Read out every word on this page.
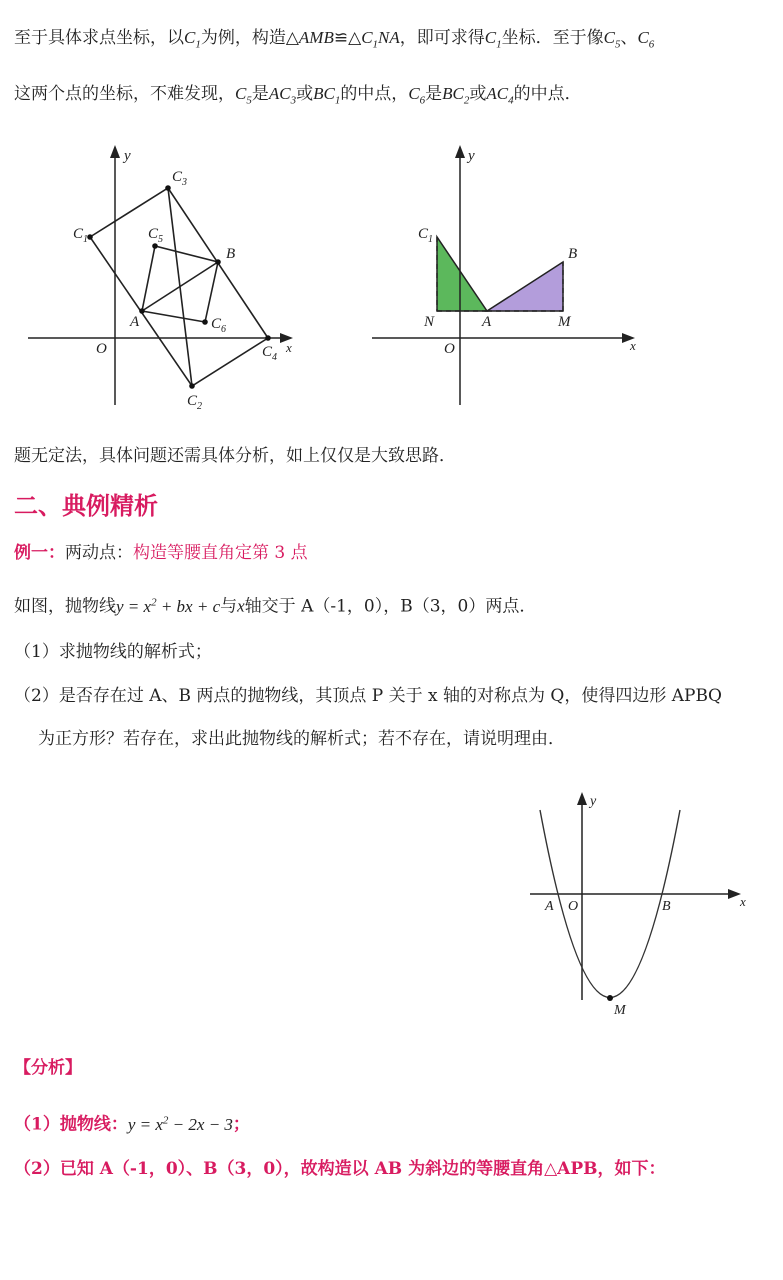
至于具体求点坐标，以$C_1$为例，构造$\triangle AMB≌\triangle C_1NA$，即可求得$C_1$坐标．至于像$C_5$、$C_6$
这两个点的坐标，不难发现，$C_5$是$AC_3$或$BC_1$的中点，$C_6$是$BC_2$或$AC_4$的中点．
y
x
O
$C_1$
$C_3$
$C_5$
B
A	$C_6$
$C_4$
$C_2$
y
x
O
$C_1$
N	A	M
B
题无定法，具体问题还需具体分析，如上仅仅是大致思路．
二、典例精析
例一：两动点：构造等腰直角定第 3 点
如图，抛物线$y = x^2$ + bx + c与x轴交于 A（-1，0），B（3，0）两点．
（1）求抛物线的解析式；
（2）是否存在过 A、B 两点的抛物线，其顶点 P 关于 x 轴的对称点为 Q，使得四边形 APBQ
为正方形？若存在，求出此抛物线的解析式；若不存在，请说明理由．
y
x
A O	B
M
【分析】
（1）抛物线：$y = x^2 - 2x - 3$；
（2）已知 A（-1，0）、B（3，0），故构造以 AB 为斜边的等腰直角△APB，如下：
